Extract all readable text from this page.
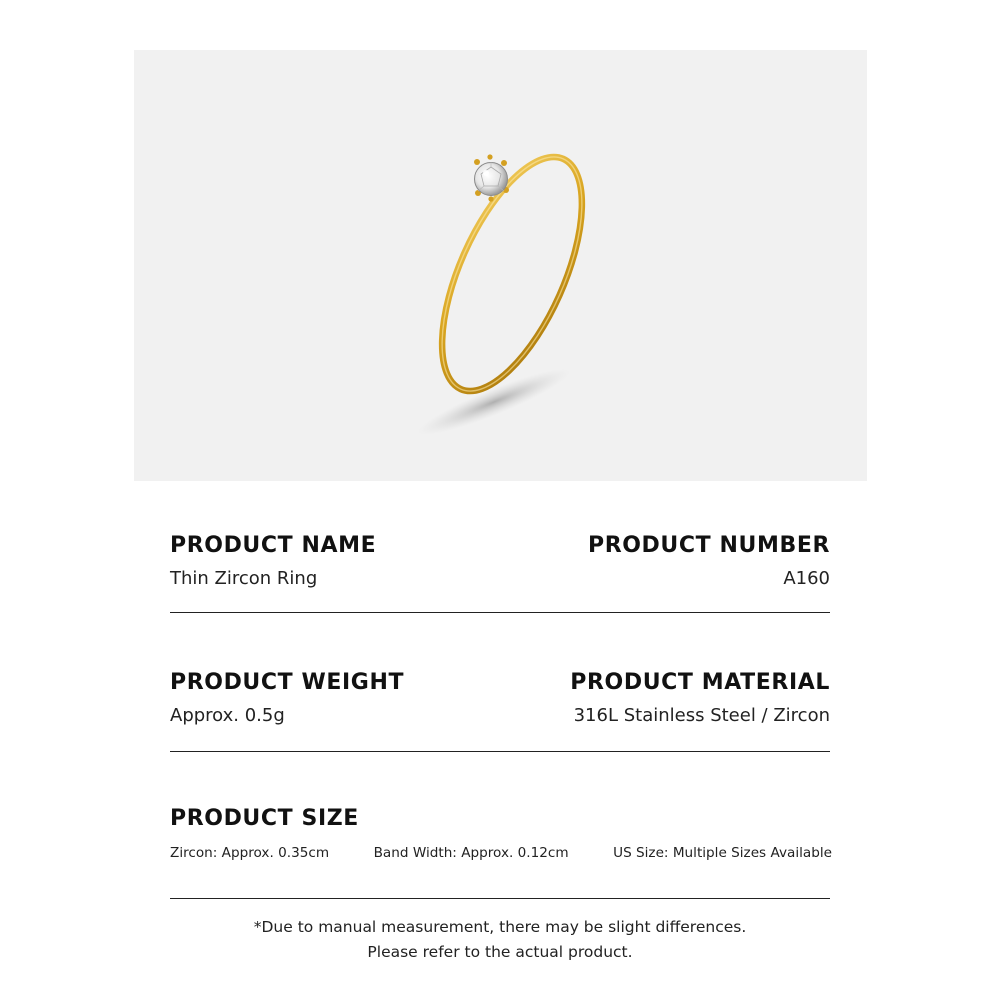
PRODUCT NAME
Thin Zircon Ring
PRODUCT NUMBER
A160
PRODUCT WEIGHT
Approx. 0.5g
PRODUCT MATERIAL
316L Stainless Steel / Zircon
PRODUCT SIZE
Zircon: Approx. 0.35cm	Band Width: Approx. 0.12cm	US Size: Multiple Sizes Available
*Due to manual measurement, there may be slight differences.
Please refer to the actual product.
